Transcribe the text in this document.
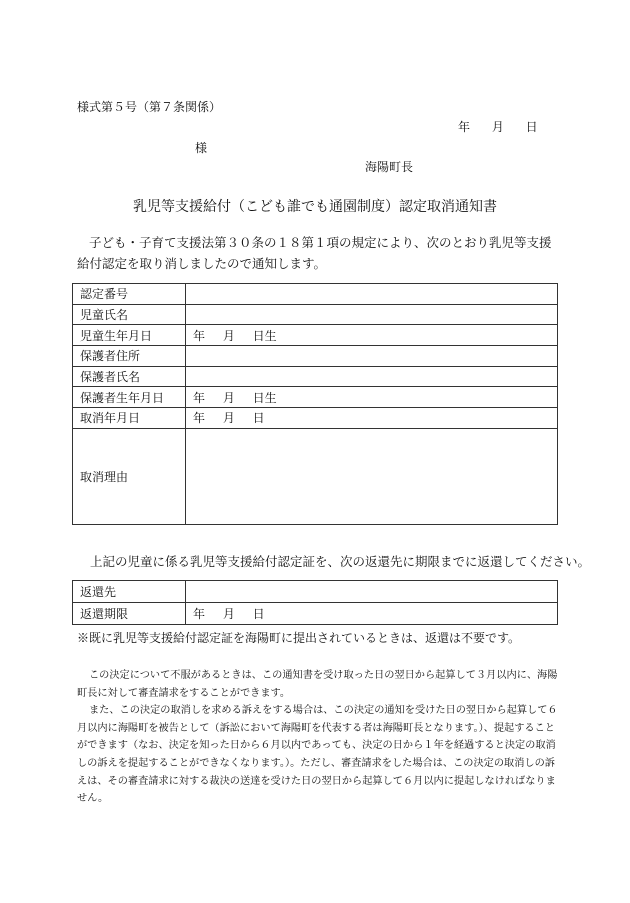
様式第５号（第７条関係）
年 月 日
様
海陽町長
乳児等支援給付（こども誰でも通園制度）認定取消通知書
子ども・子育て支援法第３０条の１８第１項の規定により、次のとおり乳児等支援給付認定を取り消しましたので通知します。
認定番号	
児童氏名	
児童生年月日	年 月 日生
保護者住所	
保護者氏名	
保護者生年月日	年 月 日生
取消年月日	年 月 日
取消理由	
上記の児童に係る乳児等支援給付認定証を、次の返還先に期限までに返還してください。
返還先	
返還期限	年 月 日
※既に乳児等支援給付認定証を海陽町に提出されているときは、返還は不要です。

この決定について不服があるときは、この通知書を受け取った日の翌日から起算して３月以内に、海陽町長に対して審査請求をすることができます。

また、この決定の取消しを求める訴えをする場合は、この決定の通知を受けた日の翌日から起算して６月以内に海陽町を被告として（訴訟において海陽町を代表する者は海陽町長となります。）、提起することができます（なお、決定を知った日から６月以内であっても、決定の日から１年を経過すると決定の取消しの訴えを提起することができなくなります。）。ただし、審査請求をした場合は、この決定の取消しの訴えは、その審査請求に対する裁決の送達を受けた日の翌日から起算して６月以内に提起しなければなりません。
